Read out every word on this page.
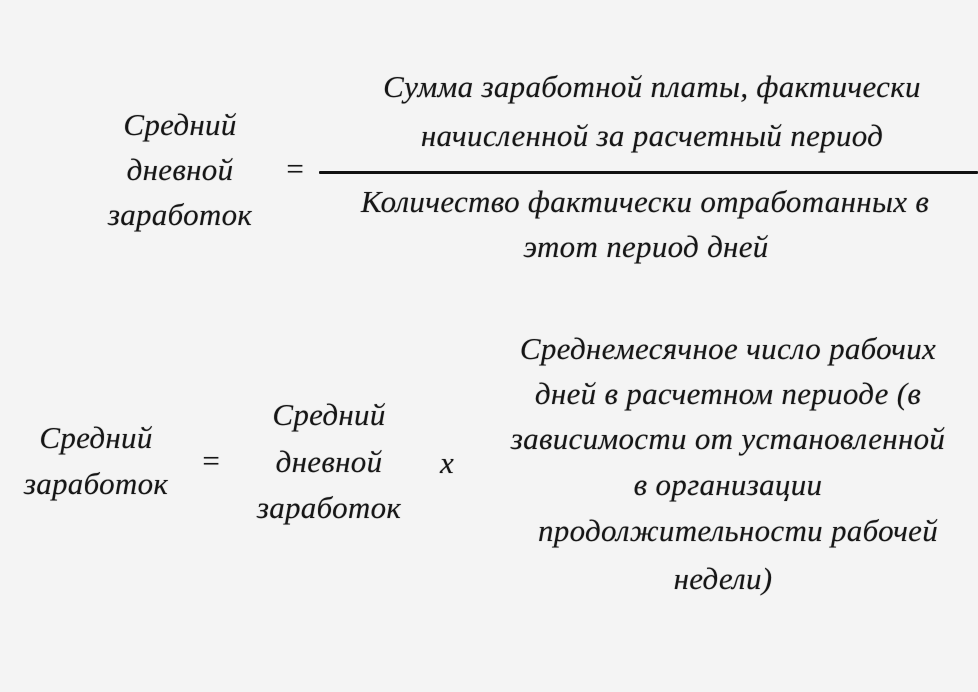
Средний
дневной
заработок
=
Сумма заработной платы, фактически
начисленной за расчетный период
Количество фактически отработанных в
этот период дней
Средний
заработок
=
Средний
дневной
заработок
x
Среднемесячное число рабочих
дней в расчетном периоде (в
зависимости от установленной
в организации
продолжительности рабочей
недели)
